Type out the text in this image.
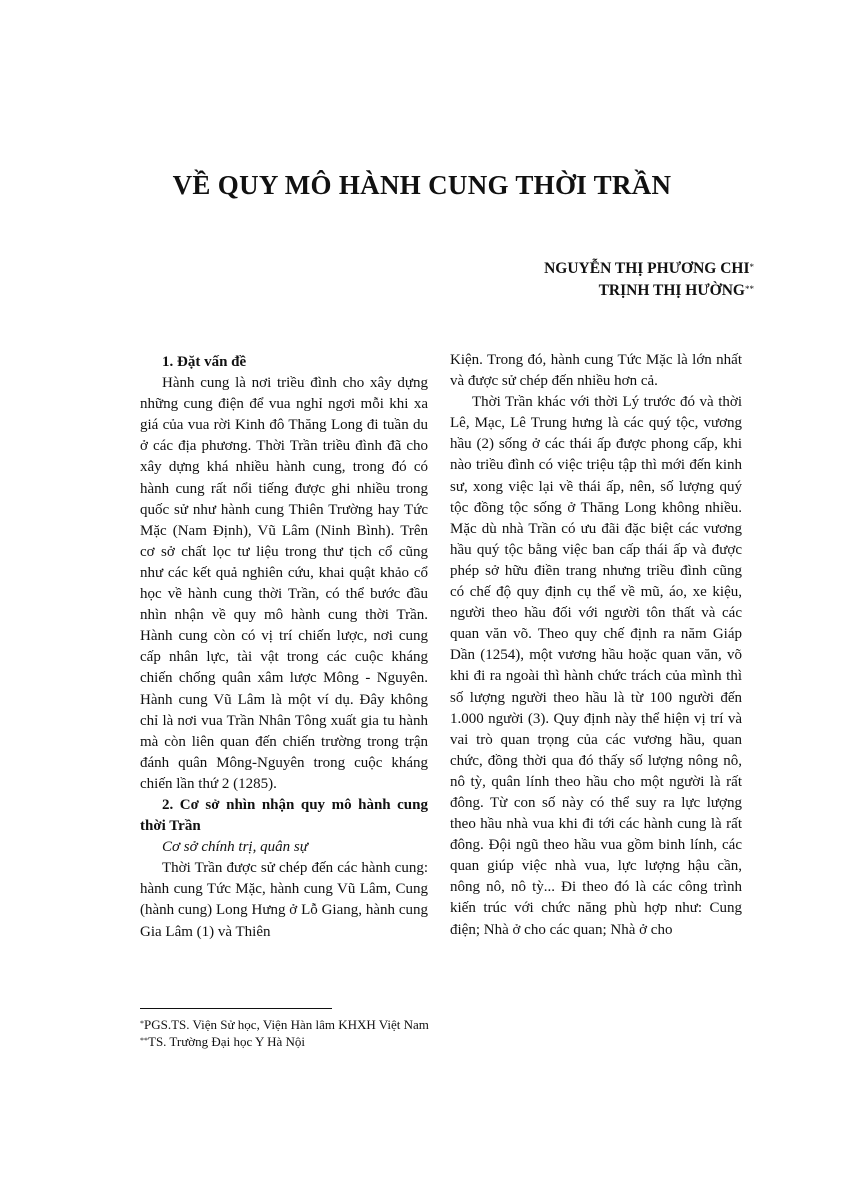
VỀ QUY MÔ HÀNH CUNG THỜI TRẦN
NGUYỄN THỊ PHƯƠNG CHI*
TRỊNH THỊ HƯỜNG**

1. Đặt vấn đề

Hành cung là nơi triều đình cho xây dựng những cung điện để vua nghỉ ngơi mỗi khi xa giá của vua rời Kinh đô Thăng Long đi tuần du ở các địa phương. Thời Trần triều đình đã cho xây dựng khá nhiều hành cung, trong đó có hành cung rất nổi tiếng được ghi nhiều trong quốc sử như hành cung Thiên Trường hay Tức Mặc (Nam Định), Vũ Lâm (Ninh Bình). Trên cơ sở chất lọc tư liệu trong thư tịch cổ cũng như các kết quả nghiên cứu, khai quật khảo cổ học về hành cung thời Trần, có thể bước đầu nhìn nhận về quy mô hành cung thời Trần. Hành cung còn có vị trí chiến lược, nơi cung cấp nhân lực, tài vật trong các cuộc kháng chiến chống quân xâm lược Mông - Nguyên. Hành cung Vũ Lâm là một ví dụ. Đây không chỉ là nơi vua Trần Nhân Tông xuất gia tu hành mà còn liên quan đến chiến trường trong trận đánh quân Mông-Nguyên trong cuộc kháng chiến lần thứ 2 (1285).

2. Cơ sở nhìn nhận quy mô hành cung thời Trần

Cơ sở chính trị, quân sự

Thời Trần được sử chép đến các hành cung: hành cung Tức Mặc, hành cung Vũ Lâm, Cung (hành cung) Long Hưng ở Lỗ Giang, hành cung Gia Lâm (1) và Thiên

Kiện. Trong đó, hành cung Tức Mặc là lớn nhất và được sử chép đến nhiều hơn cả.

Thời Trần khác với thời Lý trước đó và thời Lê, Mạc, Lê Trung hưng là các quý tộc, vương hầu (2) sống ở các thái ấp được phong cấp, khi nào triều đình có việc triệu tập thì mới đến kinh sư, xong việc lại về thái ấp, nên, số lượng quý tộc đồng tộc sống ở Thăng Long không nhiều. Mặc dù nhà Trần có ưu đãi đặc biệt các vương hầu quý tộc bằng việc ban cấp thái ấp và được phép sở hữu điền trang nhưng triều đình cũng có chế độ quy định cụ thể về mũ, áo, xe kiệu, người theo hầu đối với người tôn thất và các quan văn võ. Theo quy chế định ra năm Giáp Dần (1254), một vương hầu hoặc quan văn, võ khi đi ra ngoài thì hành chức trách của mình thì số lượng người theo hầu là từ 100 người đến 1.000 người (3). Quy định này thể hiện vị trí và vai trò quan trọng của các vương hầu, quan chức, đồng thời qua đó thấy số lượng nông nô, nô tỳ, quân lính theo hầu cho một người là rất đông. Từ con số này có thể suy ra lực lượng theo hầu nhà vua khi đi tới các hành cung là rất đông. Đội ngũ theo hầu vua gồm binh lính, các quan giúp việc nhà vua, lực lượng hậu cần, nông nô, nô tỳ... Đi theo đó là các công trình kiến trúc với chức năng phù hợp như: Cung điện; Nhà ở cho các quan; Nhà ở cho

*PGS.TS. Viện Sử học, Viện Hàn lâm KHXH Việt Nam
**TS. Trường Đại học Y Hà Nội
